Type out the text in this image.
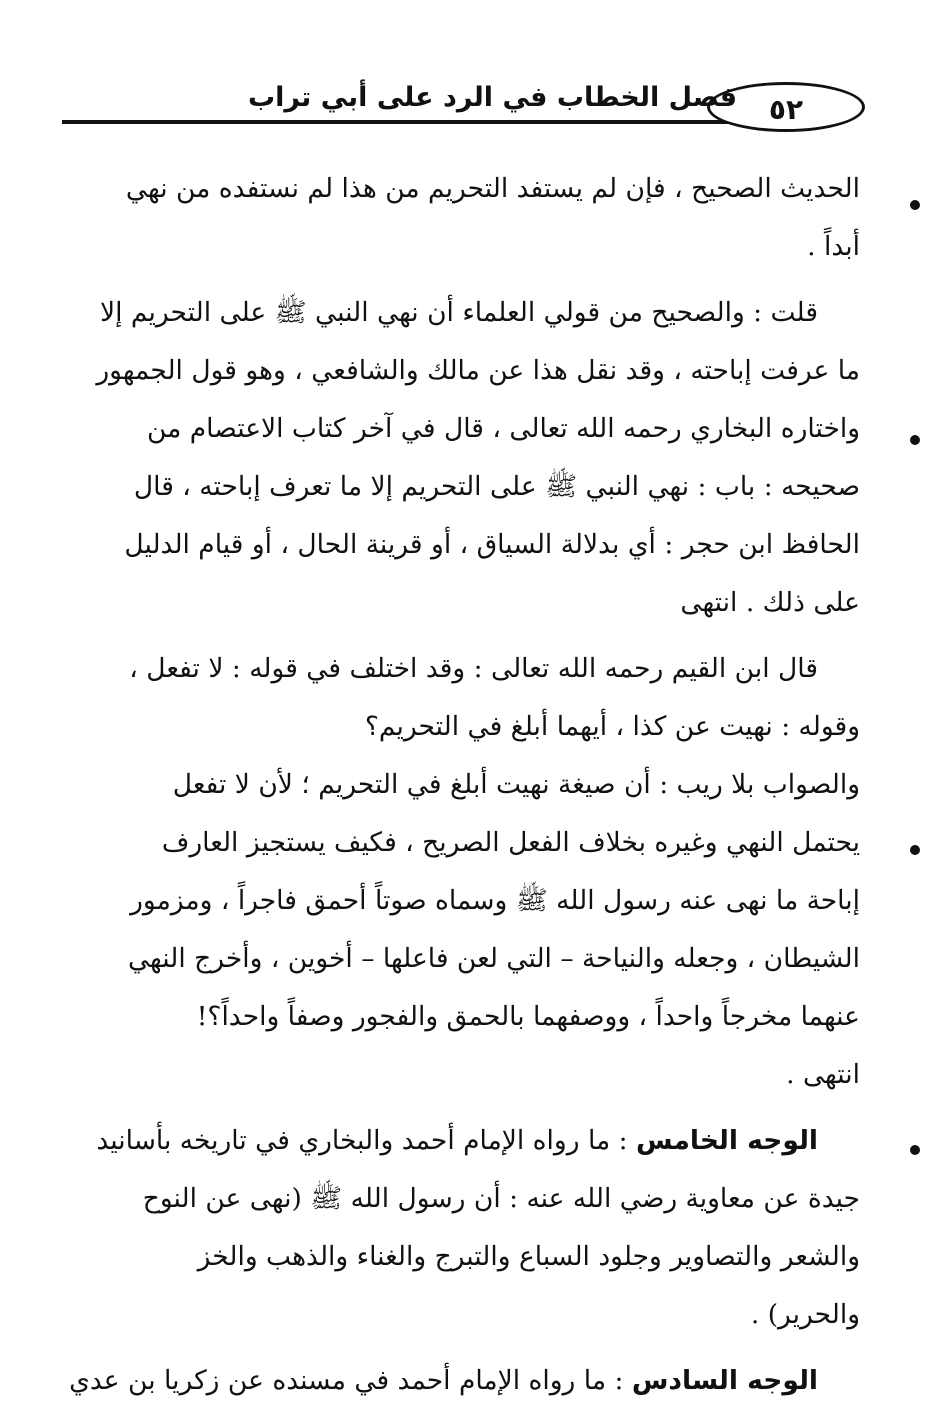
٥٢
فصل الخطاب في الرد على أبي تراب

الحديث الصحيح ، فإن لم يستفد التحريم من هذا لم نستفده من نهي
أبداً .

قلت : والصحيح من قولي العلماء أن نهي النبي ﷺ على التحريم إلا
ما عرفت إباحته ، وقد نقل هذا عن مالك والشافعي ، وهو قول الجمهور
واختاره البخاري رحمه الله تعالى ، قال في آخر كتاب الاعتصام من
صحيحه : باب : نهي النبي ﷺ على التحريم إلا ما تعرف إباحته ، قال
الحافظ ابن حجر : أي بدلالة السياق ، أو قرينة الحال ، أو قيام الدليل
على ذلك . انتهى

قال ابن القيم رحمه الله تعالى : وقد اختلف في قوله : لا تفعل ،
وقوله : نهيت عن كذا ، أيهما أبلغ في التحريم؟

والصواب بلا ريب : أن صيغة نهيت أبلغ في التحريم ؛ لأن لا تفعل
يحتمل النهي وغيره بخلاف الفعل الصريح ، فكيف يستجيز العارف
إباحة ما نهى عنه رسول الله ﷺ وسماه صوتاً أحمق فاجراً ، ومزمور
الشيطان ، وجعله والنياحة – التي لعن فاعلها – أخوين ، وأخرج النهي
عنهما مخرجاً واحداً ، ووصفهما بالحمق والفجور وصفاً واحداً؟!
انتهى .

الوجه الخامس : ما رواه الإمام أحمد والبخاري في تاريخه بأسانيد
جيدة عن معاوية رضي الله عنه : أن رسول الله ﷺ (نهى عن النوح
والشعر والتصاوير وجلود السباع والتبرج والغناء والذهب والخز
والحرير) .

الوجه السادس : ما رواه الإمام أحمد في مسنده عن زكريا بن عدي
